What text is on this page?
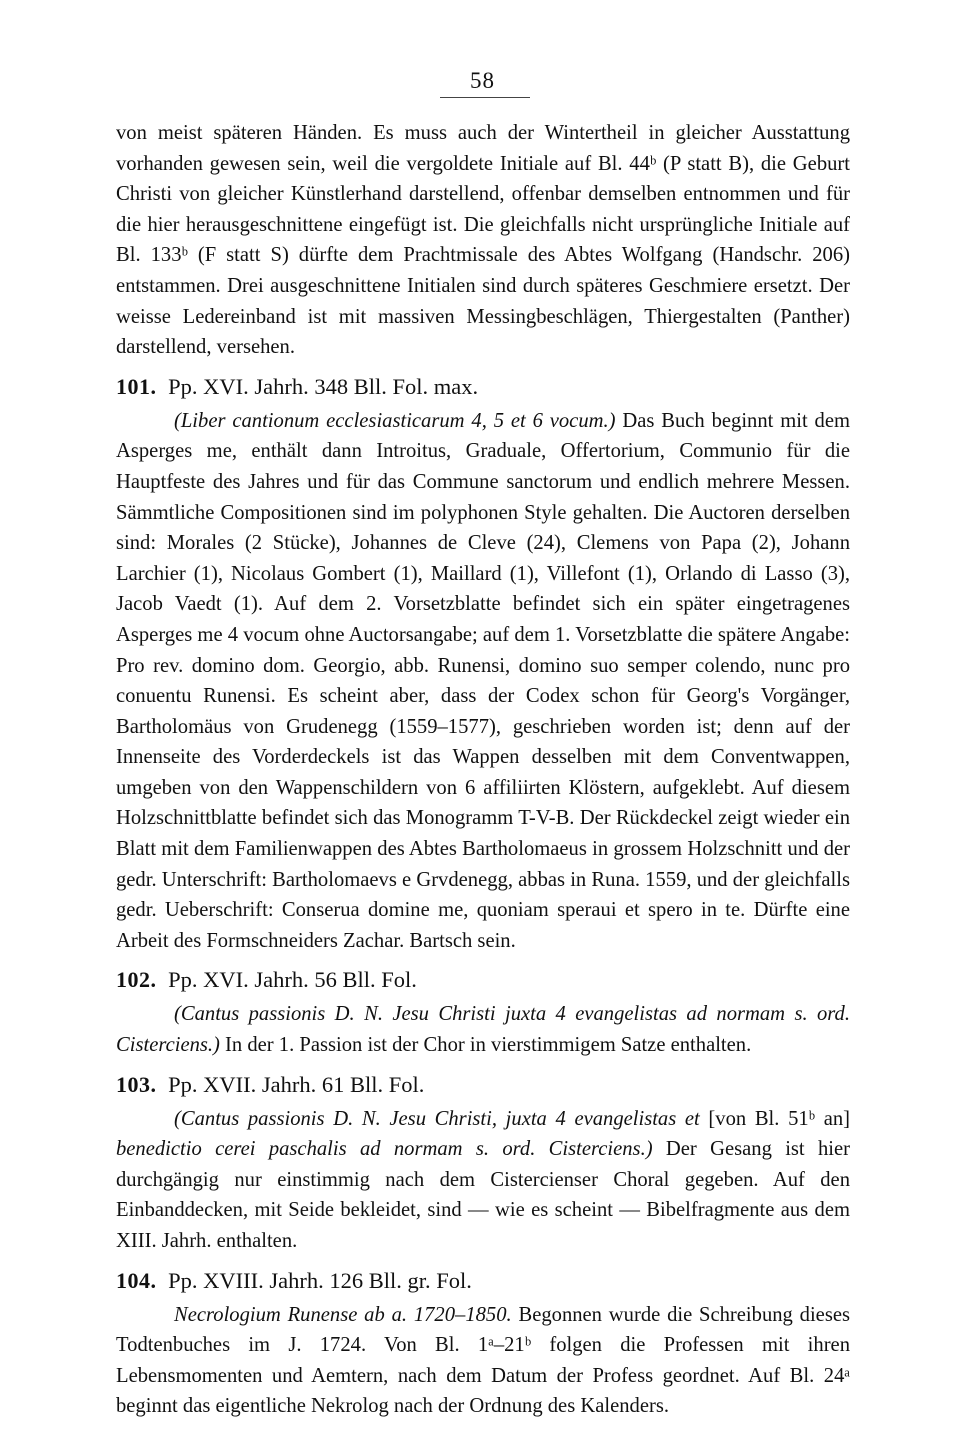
58

von meist späteren Händen. Es muss auch der Wintertheil in gleicher Ausstattung vorhanden gewesen sein, weil die vergoldete Initiale auf Bl. 44ᵇ (P statt B), die Geburt Christi von gleicher Künstlerhand darstellend, offenbar demselben entnommen und für die hier herausgeschnittene eingefügt ist. Die gleichfalls nicht ursprüngliche Initiale auf Bl. 133ᵇ (F statt S) dürfte dem Prachtmissale des Abtes Wolfgang (Handschr. 206) entstammen. Drei ausgeschnittene Initialen sind durch späteres Geschmiere ersetzt. Der weisse Ledereinband ist mit massiven Messingbeschlägen, Thiergestalten (Panther) darstellend, versehen.

101. Pp. XVI. Jahrh. 348 Bll. Fol. max.

(Liber cantionum ecclesiasticarum 4, 5 et 6 vocum.) Das Buch beginnt mit dem Asperges me, enthält dann Introitus, Graduale, Offertorium, Communio für die Hauptfeste des Jahres und für das Commune sanctorum und endlich mehrere Messen. Sämmtliche Compositionen sind im polyphonen Style gehalten. Die Auctoren derselben sind: Morales (2 Stücke), Johannes de Cleve (24), Clemens von Papa (2), Johann Larchier (1), Nicolaus Gombert (1), Maillard (1), Villefont (1), Orlando di Lasso (3), Jacob Vaedt (1). Auf dem 2. Vorsetzblatte befindet sich ein später eingetragenes Asperges me 4 vocum ohne Auctorsangabe; auf dem 1. Vorsetzblatte die spätere Angabe: Pro rev. domino dom. Georgio, abb. Runensi, domino suo semper colendo, nunc pro conuentu Runensi. Es scheint aber, dass der Codex schon für Georg's Vorgänger, Bartholomäus von Grudenegg (1559–1577), geschrieben worden ist; denn auf der Innenseite des Vorderdeckels ist das Wappen desselben mit dem Conventwappen, umgeben von den Wappenschildern von 6 affiliirten Klöstern, aufgeklebt. Auf diesem Holzschnittblatte befindet sich das Monogramm T-V-B. Der Rückdeckel zeigt wieder ein Blatt mit dem Familienwappen des Abtes Bartholomaeus in grossem Holzschnitt und der gedr. Unterschrift: Bartholomaevs e Grvdenegg, abbas in Runa. 1559, und der gleichfalls gedr. Ueberschrift: Conserua domine me, quoniam speraui et spero in te. Dürfte eine Arbeit des Formschneiders Zachar. Bartsch sein.

102. Pp. XVI. Jahrh. 56 Bll. Fol.

(Cantus passionis D. N. Jesu Christi juxta 4 evangelistas ad normam s. ord. Cisterciens.) In der 1. Passion ist der Chor in vierstimmigem Satze enthalten.

103. Pp. XVII. Jahrh. 61 Bll. Fol.

(Cantus passionis D. N. Jesu Christi, juxta 4 evangelistas et [von Bl. 51ᵇ an] benedictio cerei paschalis ad normam s. ord. Cisterciens.) Der Gesang ist hier durchgängig nur einstimmig nach dem Cistercienser Choral gegeben. Auf den Einbanddecken, mit Seide bekleidet, sind — wie es scheint — Bibelfragmente aus dem XIII. Jahrh. enthalten.

104. Pp. XVIII. Jahrh. 126 Bll. gr. Fol.

Necrologium Runense ab a. 1720–1850. Begonnen wurde die Schreibung dieses Todtenbuches im J. 1724. Von Bl. 1ᵃ–21ᵇ folgen die Professen mit ihren Lebensmomenten und Aemtern, nach dem Datum der Profess geordnet. Auf Bl. 24ᵃ beginnt das eigentliche Nekrolog nach der Ordnung des Kalenders.
